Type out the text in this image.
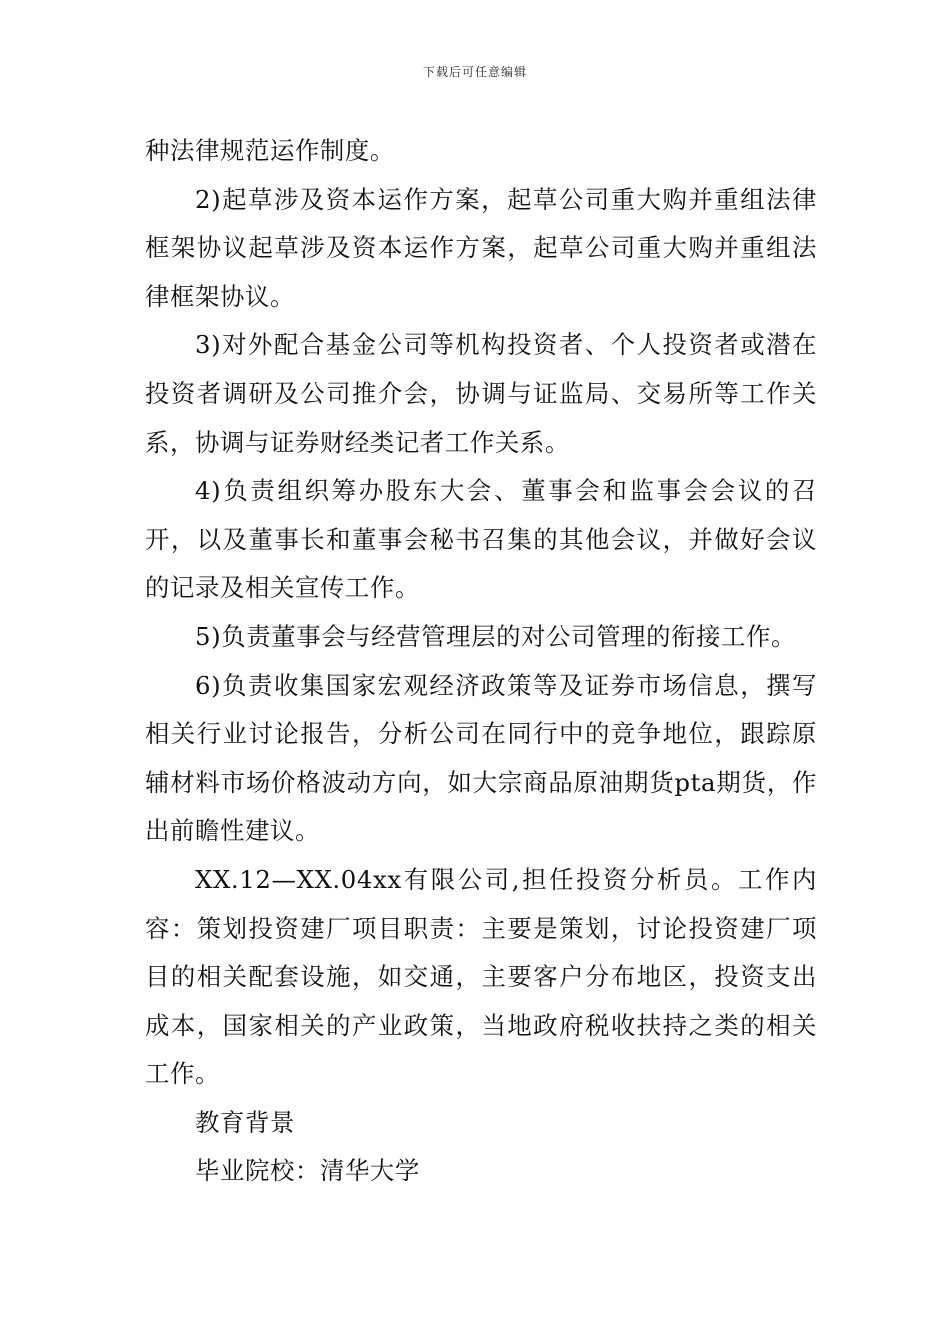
下载后可任意编辑

种法律规范运作制度。

2)起草涉及资本运作方案，起草公司重大购并重组法律框架协议起草涉及资本运作方案，起草公司重大购并重组法律框架协议。

3)对外配合基金公司等机构投资者、个人投资者或潜在投资者调研及公司推介会，协调与证监局、交易所等工作关系，协调与证券财经类记者工作关系。

4)负责组织筹办股东大会、董事会和监事会会议的召开，以及董事长和董事会秘书召集的其他会议，并做好会议的记录及相关宣传工作。

5)负责董事会与经营管理层的对公司管理的衔接工作。

6)负责收集国家宏观经济政策等及证券市场信息，撰写相关行业讨论报告，分析公司在同行中的竞争地位，跟踪原辅材料市场价格波动方向，如大宗商品原油期货pta期货，作出前瞻性建议。

XX.12—XX.04xx有限公司,担任投资分析员。工作内容：策划投资建厂项目职责：主要是策划，讨论投资建厂项目的相关配套设施，如交通，主要客户分布地区，投资支出成本，国家相关的产业政策，当地政府税收扶持之类的相关工作。

教育背景

毕业院校：清华大学
